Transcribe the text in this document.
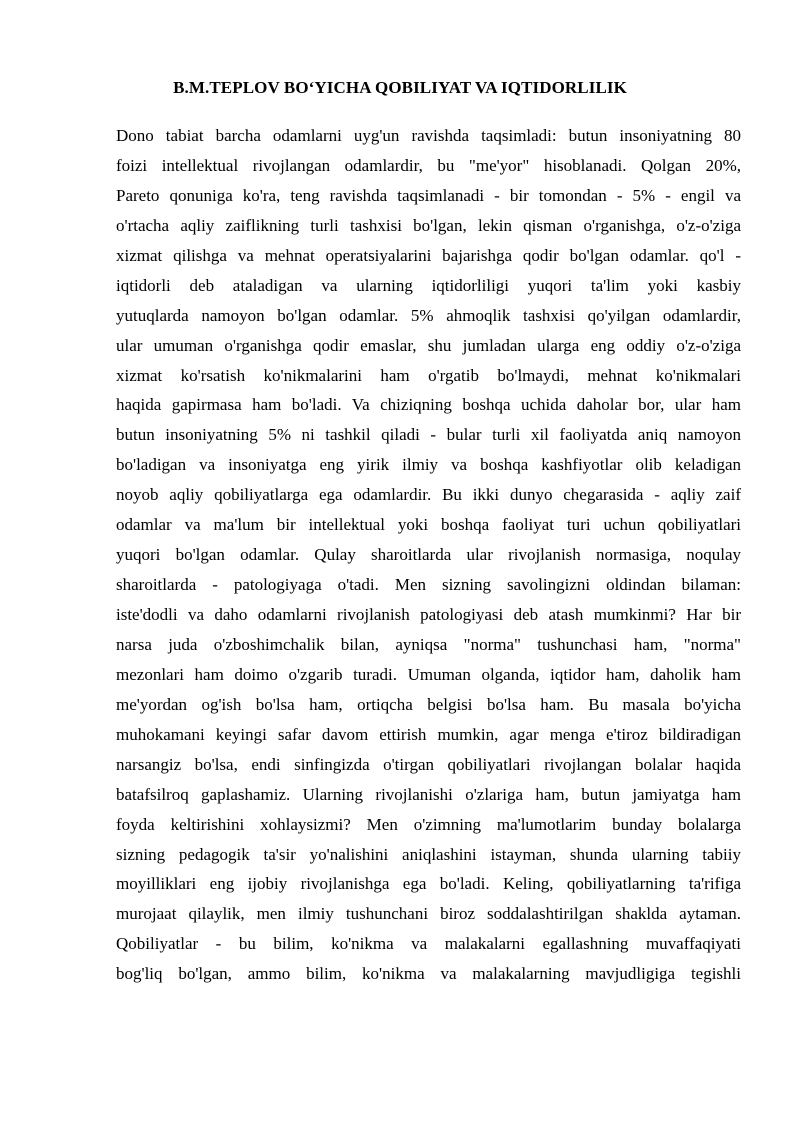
B.M.TEPLOV BO‘YICHA QOBILIYAT VA IQTIDORLILIK
Dono tabiat barcha odamlarni uyg'un ravishda taqsimladi: butun insoniyatning 80
foizi intellektual rivojlangan odamlardir, bu "me'yor" hisoblanadi. Qolgan 20%,
Pareto qonuniga ko'ra, teng ravishda taqsimlanadi - bir tomondan - 5% - engil va
o'rtacha aqliy zaiflikning turli tashxisi bo'lgan, lekin qisman o'rganishga, o'z-o'ziga
xizmat qilishga va mehnat operatsiyalarini bajarishga qodir bo'lgan odamlar. qo'l -
iqtidorli deb ataladigan va ularning iqtidorliligi yuqori ta'lim yoki kasbiy
yutuqlarda namoyon bo'lgan odamlar. 5% ahmoqlik tashxisi qo'yilgan odamlardir,
ular umuman o'rganishga qodir emaslar, shu jumladan ularga eng oddiy o'z-o'ziga
xizmat ko'rsatish ko'nikmalarini ham o'rgatib bo'lmaydi, mehnat ko'nikmalari
haqida gapirmasa ham bo'ladi. Va chiziqning boshqa uchida daholar bor, ular ham
butun insoniyatning 5% ni tashkil qiladi - bular turli xil faoliyatda aniq namoyon
bo'ladigan va insoniyatga eng yirik ilmiy va boshqa kashfiyotlar olib keladigan
noyob aqliy qobiliyatlarga ega odamlardir. Bu ikki dunyo chegarasida - aqliy zaif
odamlar va ma'lum bir intellektual yoki boshqa faoliyat turi uchun qobiliyatlari
yuqori bo'lgan odamlar. Qulay sharoitlarda ular rivojlanish normasiga, noqulay
sharoitlarda - patologiyaga o'tadi. Men sizning savolingizni oldindan bilaman:
iste'dodli va daho odamlarni rivojlanish patologiyasi deb atash mumkinmi? Har bir
narsa juda o'zboshimchalik bilan, ayniqsa "norma" tushunchasi ham, "norma"
mezonlari ham doimo o'zgarib turadi. Umuman olganda, iqtidor ham, daholik ham
me'yordan og'ish bo'lsa ham, ortiqcha belgisi bo'lsa ham. Bu masala bo'yicha
muhokamani keyingi safar davom ettirish mumkin, agar menga e'tiroz bildiradigan
narsangiz bo'lsa, endi sinfingizda o'tirgan qobiliyatlari rivojlangan bolalar haqida
batafsilroq gaplashamiz. Ularning rivojlanishi o'zlariga ham, butun jamiyatga ham
foyda keltirishini xohlaysizmi? Men o'zimning ma'lumotlarim bunday bolalarga
sizning pedagogik ta'sir yo'nalishini aniqlashini istayman, shunda ularning tabiiy
moyilliklari eng ijobiy rivojlanishga ega bo'ladi. Keling, qobiliyatlarning ta'rifiga
murojaat qilaylik, men ilmiy tushunchani biroz soddalashtirilgan shaklda aytaman.
Qobiliyatlar - bu bilim, ko'nikma va malakalarni egallashning muvaffaqiyati
bog'liq bo'lgan, ammo bilim, ko'nikma va malakalarning mavjudligiga tegishli
